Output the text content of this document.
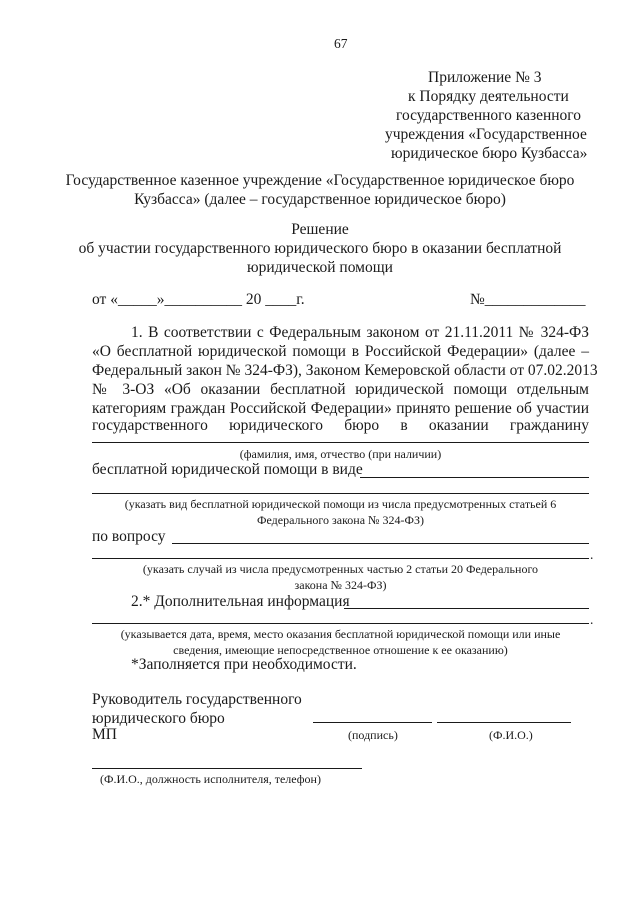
67
Приложение № 3
к Порядку деятельности
государственного казенного
учреждения «Государственное
юридическое бюро Кузбасса»
Государственное казенное учреждение «Государственное юридическое бюро
Кузбасса» (далее – государственное юридическое бюро)
Решение
об участии государственного юридического бюро в оказании бесплатной
юридической помощи
от «_____»__________ 20 ____г.	№_____________
1. В соответствии с Федеральным законом от 21.11.2011 № 324-ФЗ
«О бесплатной юридической помощи в Российской Федерации» (далее –
Федеральный закон № 324-ФЗ), Законом Кемеровской области от 07.02.2013
№ 3-ОЗ «Об оказании бесплатной юридической помощи отдельным
категориям граждан Российской Федерации» принято решение об участии
государственного юридического бюро в оказании гражданину
(фамилия, имя, отчество (при наличии)
бесплатной юридической помощи в виде
(указать вид бесплатной юридической помощи из числа предусмотренных статьей 6
Федерального закона № 324-ФЗ)
по вопросу
.
(указать случай из числа предусмотренных частью 2 статьи 20 Федерального
закона № 324-ФЗ)
2.* Дополнительная информация
.
(указывается дата, время, место оказания бесплатной юридической помощи или иные
сведения, имеющие непосредственное отношение к ее оказанию)
*Заполняется при необходимости.
Руководитель государственного
юридического бюро
МП	(подпись)	(Ф.И.О.)
(Ф.И.О., должность исполнителя, телефон)
